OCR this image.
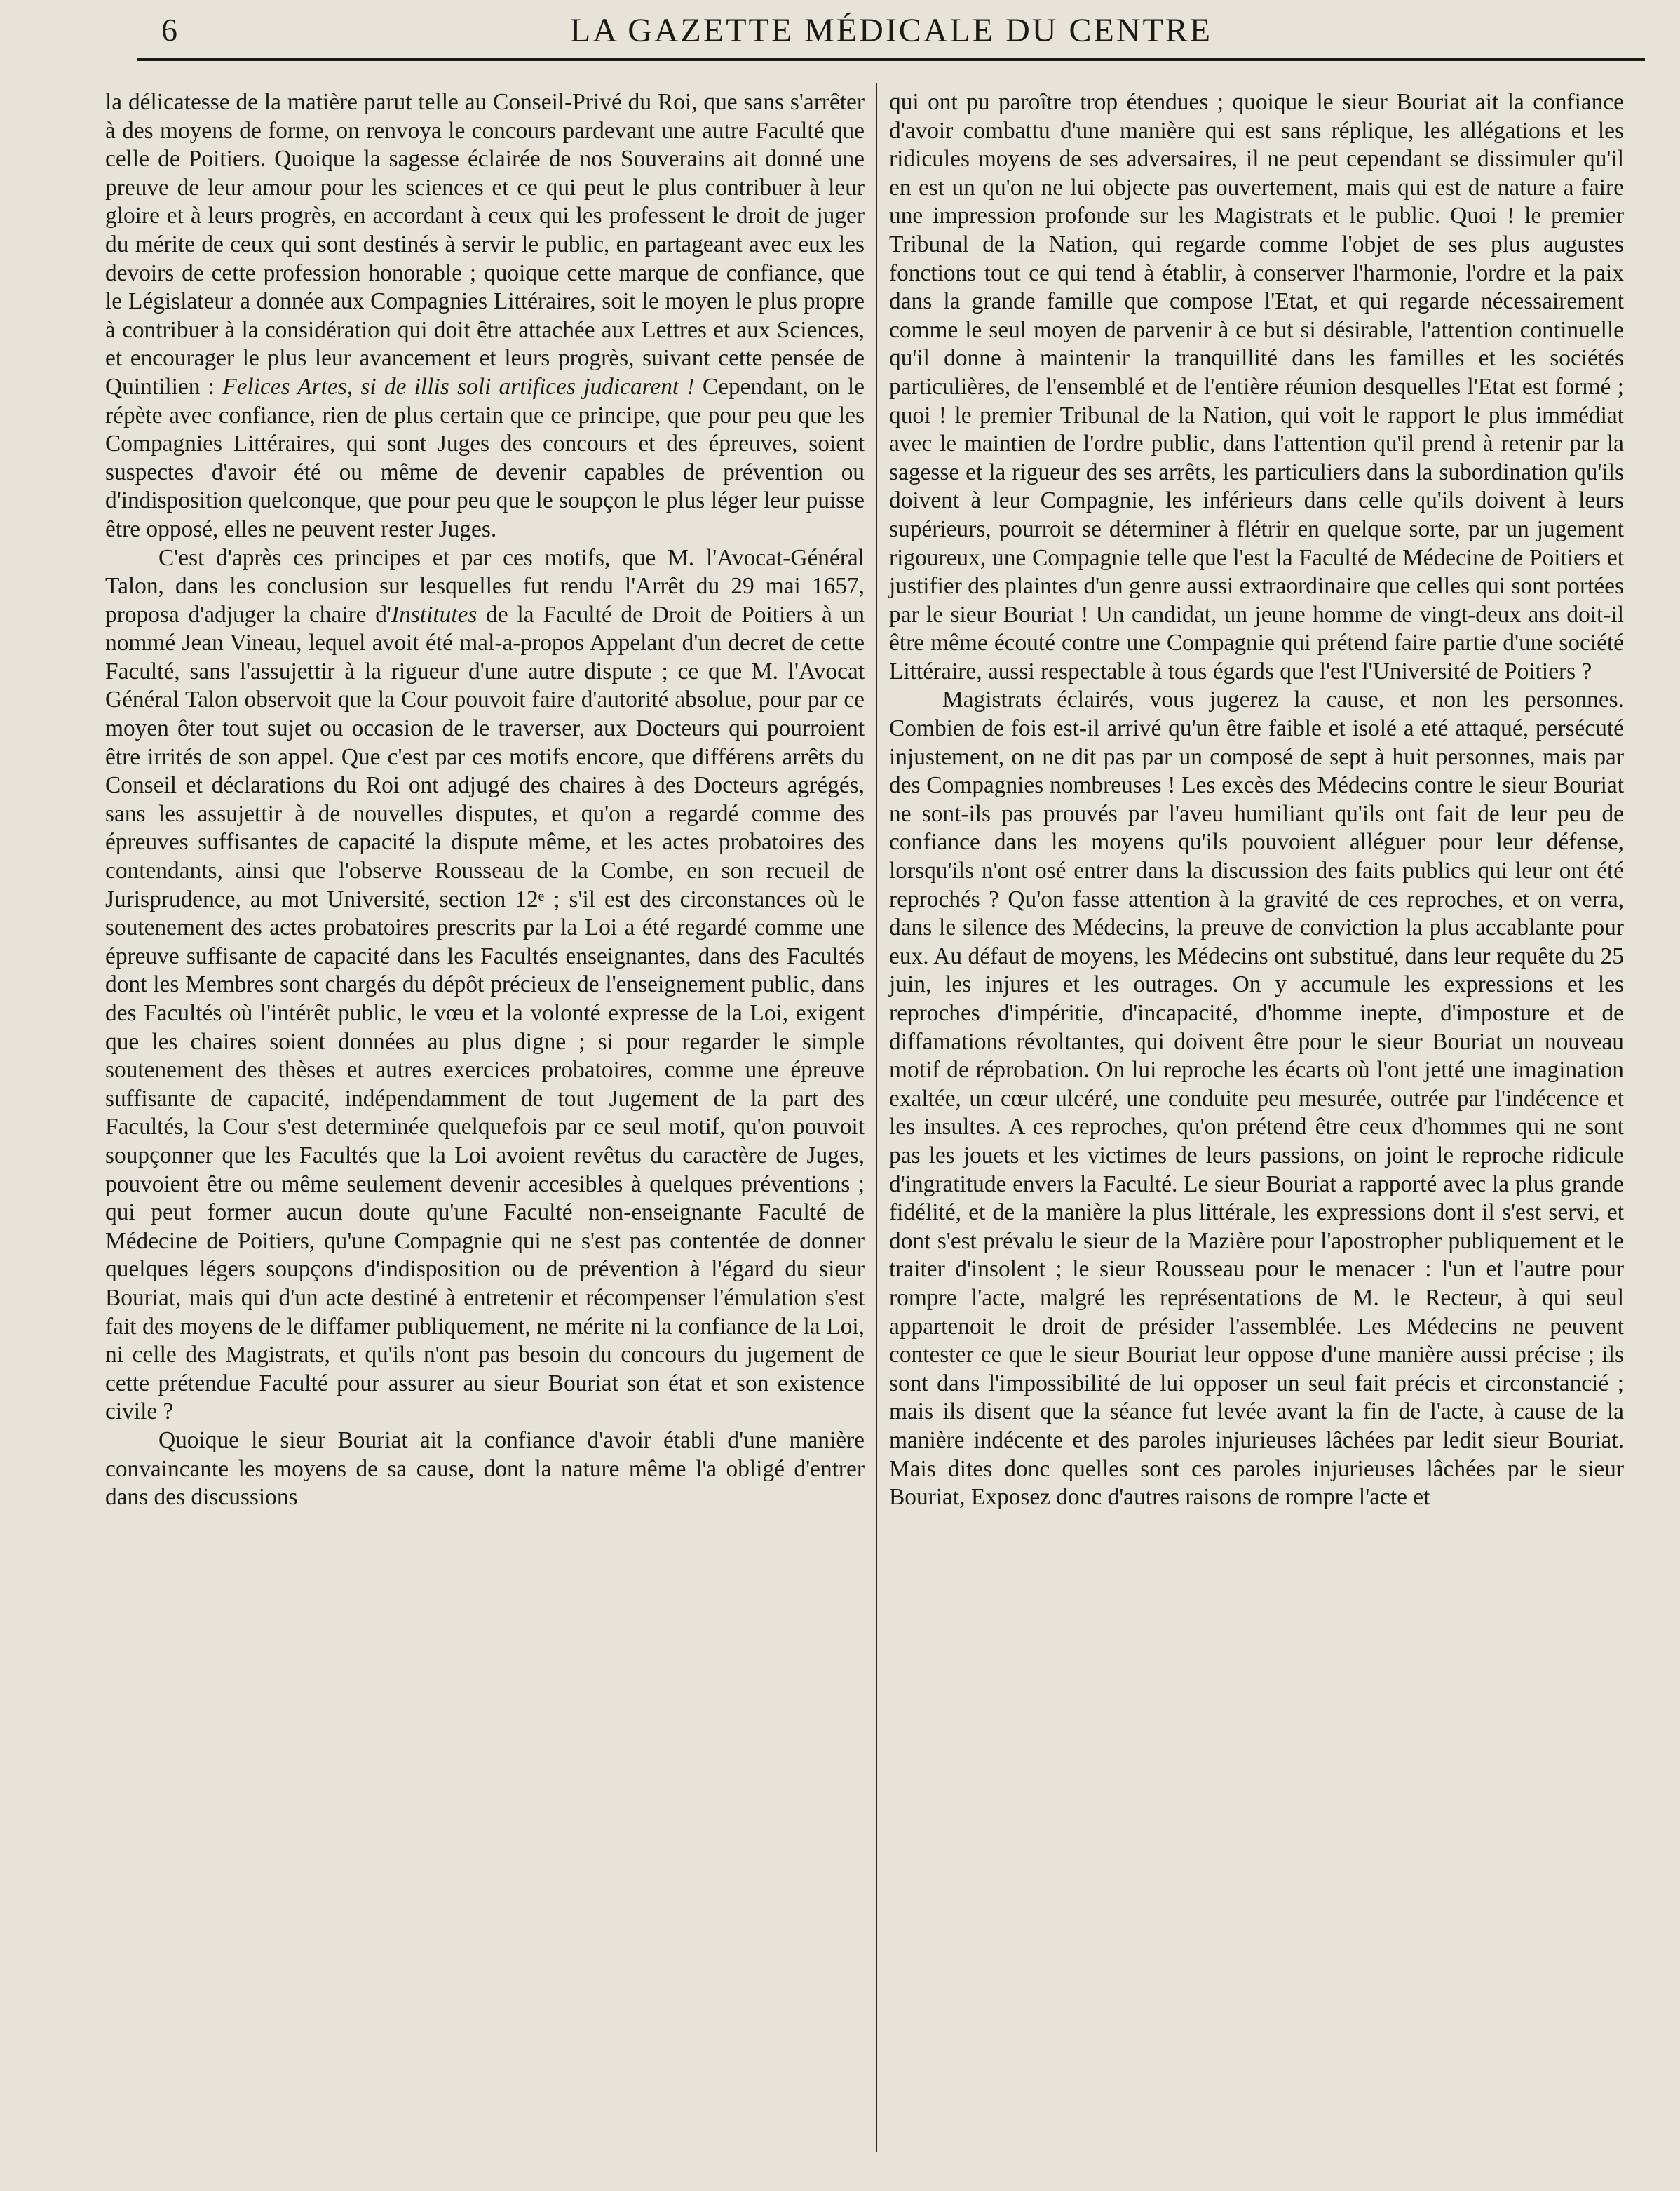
6	LA GAZETTE MÉDICALE DU CENTRE

la délicatesse de la matière parut telle au Conseil-Privé du Roi, que sans s'arrêter à des moyens de forme, on renvoya le concours pardevant une autre Faculté que celle de Poitiers. Quoique la sagesse éclairée de nos Souverains ait donné une preuve de leur amour pour les sciences et ce qui peut le plus contribuer à leur gloire et à leurs progrès, en accordant à ceux qui les professent le droit de juger du mérite de ceux qui sont destinés à servir le public, en partageant avec eux les devoirs de cette profession honorable ; quoique cette marque de confiance, que le Législateur a donnée aux Compagnies Littéraires, soit le moyen le plus propre à contribuer à la considération qui doit être attachée aux Lettres et aux Sciences, et encourager le plus leur avancement et leurs progrès, suivant cette pensée de Quintilien : Felices Artes, si de illis soli artifices judicarent ! Cependant, on le répète avec confiance, rien de plus certain que ce principe, que pour peu que les Compagnies Littéraires, qui sont Juges des concours et des épreuves, soient suspectes d'avoir été ou même de devenir capables de prévention ou d'indisposition quelconque, que pour peu que le soupçon le plus léger leur puisse être opposé, elles ne peuvent rester Juges.

C'est d'après ces principes et par ces motifs, que M. l'Avocat-Général Talon, dans les conclusion sur lesquelles fut rendu l'Arrêt du 29 mai 1657, proposa d'adjuger la chaire d'Institutes de la Faculté de Droit de Poitiers à un nommé Jean Vineau, lequel avoit été mal-a-propos Appelant d'un decret de cette Faculté, sans l'assujettir à la rigueur d'une autre dispute ; ce que M. l'Avocat Général Talon observoit que la Cour pouvoit faire d'autorité absolue, pour par ce moyen ôter tout sujet ou occasion de le traverser, aux Docteurs qui pourroient être irrités de son appel. Que c'est par ces motifs encore, que différens arrêts du Conseil et déclarations du Roi ont adjugé des chaires à des Docteurs agrégés, sans les assujettir à de nouvelles disputes, et qu'on a regardé comme des épreuves suffisantes de capacité la dispute même, et les actes probatoires des contendants, ainsi que l'observe Rousseau de la Combe, en son recueil de Jurisprudence, au mot Université, section 12ᵉ ; s'il est des circonstances où le soutenement des actes probatoires prescrits par la Loi a été regardé comme une épreuve suffisante de capacité dans les Facultés enseignantes, dans des Facultés dont les Membres sont chargés du dépôt précieux de l'enseignement public, dans des Facultés où l'intérêt public, le vœu et la volonté expresse de la Loi, exigent que les chaires soient données au plus digne ; si pour regarder le simple soutenement des thèses et autres exercices probatoires, comme une épreuve suffisante de capacité, indépendamment de tout Jugement de la part des Facultés, la Cour s'est determinée quelquefois par ce seul motif, qu'on pouvoit soupçonner que les Facultés que la Loi avoient revêtus du caractère de Juges, pouvoient être ou même seulement devenir accesibles à quelques préventions ; qui peut former aucun doute qu'une Faculté non-enseignante Faculté de Médecine de Poitiers, qu'une Compagnie qui ne s'est pas contentée de donner quelques légers soupçons d'indisposition ou de prévention à l'égard du sieur Bouriat, mais qui d'un acte destiné à entretenir et récompenser l'émulation s'est fait des moyens de le diffamer publiquement, ne mérite ni la confiance de la Loi, ni celle des Magistrats, et qu'ils n'ont pas besoin du concours du jugement de cette prétendue Faculté pour assurer au sieur Bouriat son état et son existence civile ?

Quoique le sieur Bouriat ait la confiance d'avoir établi d'une manière convaincante les moyens de sa cause, dont la nature même l'a obligé d'entrer dans des discussions

qui ont pu paroître trop étendues ; quoique le sieur Bouriat ait la confiance d'avoir combattu d'une manière qui est sans réplique, les allégations et les ridicules moyens de ses adversaires, il ne peut cependant se dissimuler qu'il en est un qu'on ne lui objecte pas ouvertement, mais qui est de nature a faire une impression profonde sur les Magistrats et le public. Quoi ! le premier Tribunal de la Nation, qui regarde comme l'objet de ses plus augustes fonctions tout ce qui tend à établir, à conserver l'harmonie, l'ordre et la paix dans la grande famille que compose l'Etat, et qui regarde nécessairement comme le seul moyen de parvenir à ce but si désirable, l'attention continuelle qu'il donne à maintenir la tranquillité dans les familles et les sociétés particulières, de l'ensemblé et de l'entière réunion desquelles l'Etat est formé ; quoi ! le premier Tribunal de la Nation, qui voit le rapport le plus immédiat avec le maintien de l'ordre public, dans l'attention qu'il prend à retenir par la sagesse et la rigueur des ses arrêts, les particuliers dans la subordination qu'ils doivent à leur Compagnie, les inférieurs dans celle qu'ils doivent à leurs supérieurs, pourroit se déterminer à flétrir en quelque sorte, par un jugement rigoureux, une Compagnie telle que l'est la Faculté de Médecine de Poitiers et justifier des plaintes d'un genre aussi extraordinaire que celles qui sont portées par le sieur Bouriat ! Un candidat, un jeune homme de vingt-deux ans doit-il être même écouté contre une Compagnie qui prétend faire partie d'une société Littéraire, aussi respectable à tous égards que l'est l'Université de Poitiers ?

Magistrats éclairés, vous jugerez la cause, et non les personnes. Combien de fois est-il arrivé qu'un être faible et isolé a eté attaqué, persécuté injustement, on ne dit pas par un composé de sept à huit personnes, mais par des Compagnies nombreuses ! Les excès des Médecins contre le sieur Bouriat ne sont-ils pas prouvés par l'aveu humiliant qu'ils ont fait de leur peu de confiance dans les moyens qu'ils pouvoient alléguer pour leur défense, lorsqu'ils n'ont osé entrer dans la discussion des faits publics qui leur ont été reprochés ? Qu'on fasse attention à la gravité de ces reproches, et on verra, dans le silence des Médecins, la preuve de conviction la plus accablante pour eux. Au défaut de moyens, les Médecins ont substitué, dans leur requête du 25 juin, les injures et les outrages. On y accumule les expressions et les reproches d'impéritie, d'incapacité, d'homme inepte, d'imposture et de diffamations révoltantes, qui doivent être pour le sieur Bouriat un nouveau motif de réprobation. On lui reproche les écarts où l'ont jetté une imagination exaltée, un cœur ulcéré, une conduite peu mesurée, outrée par l'indécence et les insultes. A ces reproches, qu'on prétend être ceux d'hommes qui ne sont pas les jouets et les victimes de leurs passions, on joint le reproche ridicule d'ingratitude envers la Faculté. Le sieur Bouriat a rapporté avec la plus grande fidélité, et de la manière la plus littérale, les expressions dont il s'est servi, et dont s'est prévalu le sieur de la Mazière pour l'apostropher publiquement et le traiter d'insolent ; le sieur Rousseau pour le menacer : l'un et l'autre pour rompre l'acte, malgré les représentations de M. le Recteur, à qui seul appartenoit le droit de présider l'assemblée. Les Médecins ne peuvent contester ce que le sieur Bouriat leur oppose d'une manière aussi précise ; ils sont dans l'impossibilité de lui opposer un seul fait précis et circonstancié ; mais ils disent que la séance fut levée avant la fin de l'acte, à cause de la manière indécente et des paroles injurieuses lâchées par ledit sieur Bouriat. Mais dites donc quelles sont ces paroles injurieuses lâchées par le sieur Bouriat, Exposez donc d'autres raisons de rompre l'acte et
